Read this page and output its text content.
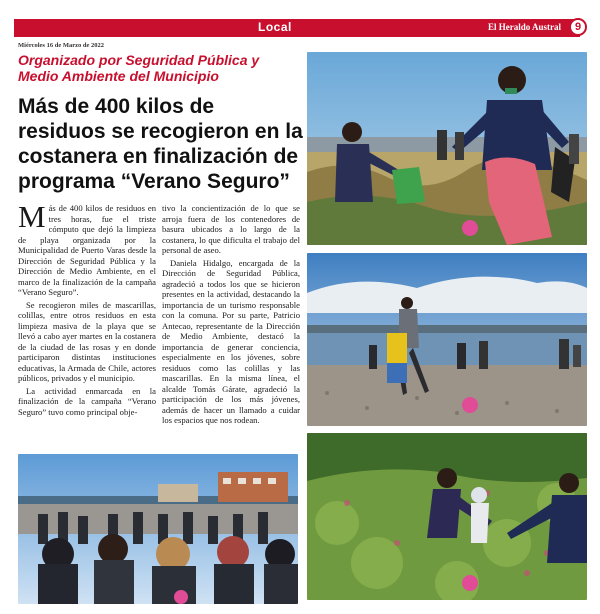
Local	El Heraldo Austral	9
Miércoles 16 de Marzo de 2022
Organizado por Seguridad Pública y Medio Ambiente del Municipio
Más de 400 kilos de residuos se recogieron en la costanera en finalización de programa “Verano Seguro”

Más de 400 kilos de residuos en tres horas, fue el triste cómputo que dejó la limpieza de playa organizada por la Municipalidad de Puerto Varas desde la Dirección de Seguridad Pública y la Dirección de Medio Ambiente, en el marco de la finalización de la campaña “Verano Seguro”.

Se recogieron miles de mascarillas, colillas, entre otros residuos en esta limpieza masiva de la playa que se llevó a cabo ayer martes en la costanera de la ciudad de las rosas y en donde participaron distintas instituciones educativas, la Armada de Chile, actores públicos, privados y el municipio.

La actividad enmarcada en la finalización de la campaña “Verano Seguro” tuvo como principal obje-

tivo la concientización de lo que se arroja fuera de los contenedores de basura ubicados a lo largo de la costanera, lo que dificulta el trabajo del personal de aseo.

Daniela Hidalgo, encargada de la Dirección de Seguridad Pública, agradeció a todos los que se hicieron presentes en la actividad, destacando la importancia de un turismo responsable con la comuna. Por su parte, Patricio Antecao, representante de la Dirección de Medio Ambiente, destacó la importancia de generar conciencia, especialmente en los jóvenes, sobre residuos como las colillas y las mascarillas. En la misma línea, el alcalde Tomás Gárate, agradeció la participación de los más jóvenes, además de hacer un llamado a cuidar los espacios que nos rodean.
